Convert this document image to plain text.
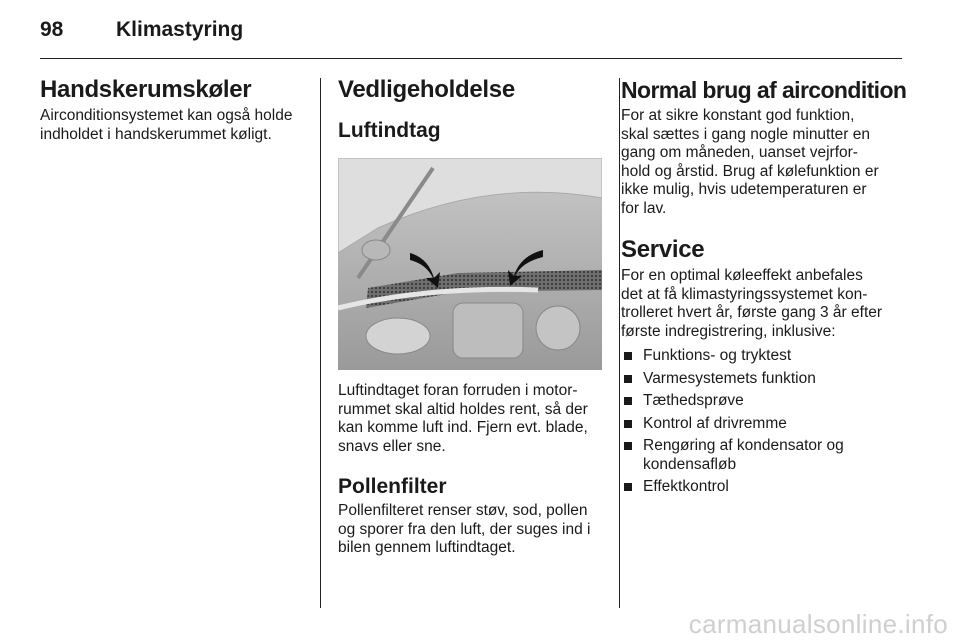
98	Klimastyring
Handskerumskøler

Airconditionsystemet kan også holde
indholdet i handskerummet køligt.

Vedligeholdelse
Luftindtag

Luftindtaget foran forruden i motor-
rummet skal altid holdes rent, så der
kan komme luft ind. Fjern evt. blade,
snavs eller sne.

Pollenfilter

Pollenfilteret renser støv, sod, pollen
og sporer fra den luft, der suges ind i
bilen gennem luftindtaget.

Normal brug af aircondition

For at sikre konstant god funktion,
skal sættes i gang nogle minutter en
gang om måneden, uanset vejrfor-
hold og årstid. Brug af kølefunktion er
ikke mulig, hvis udetemperaturen er
for lav.

Service

For en optimal køleeffekt anbefales
det at få klimastyringssystemet kon-
trolleret hvert år, første gang 3 år efter
første indregistrering, inklusive:

Funktions- og tryktest
Varmesystemets funktion
Tæthedsprøve
Kontrol af drivremme
Rengøring af kondensator og
kondensafløb
Effektkontrol
carmanualsonline.info
